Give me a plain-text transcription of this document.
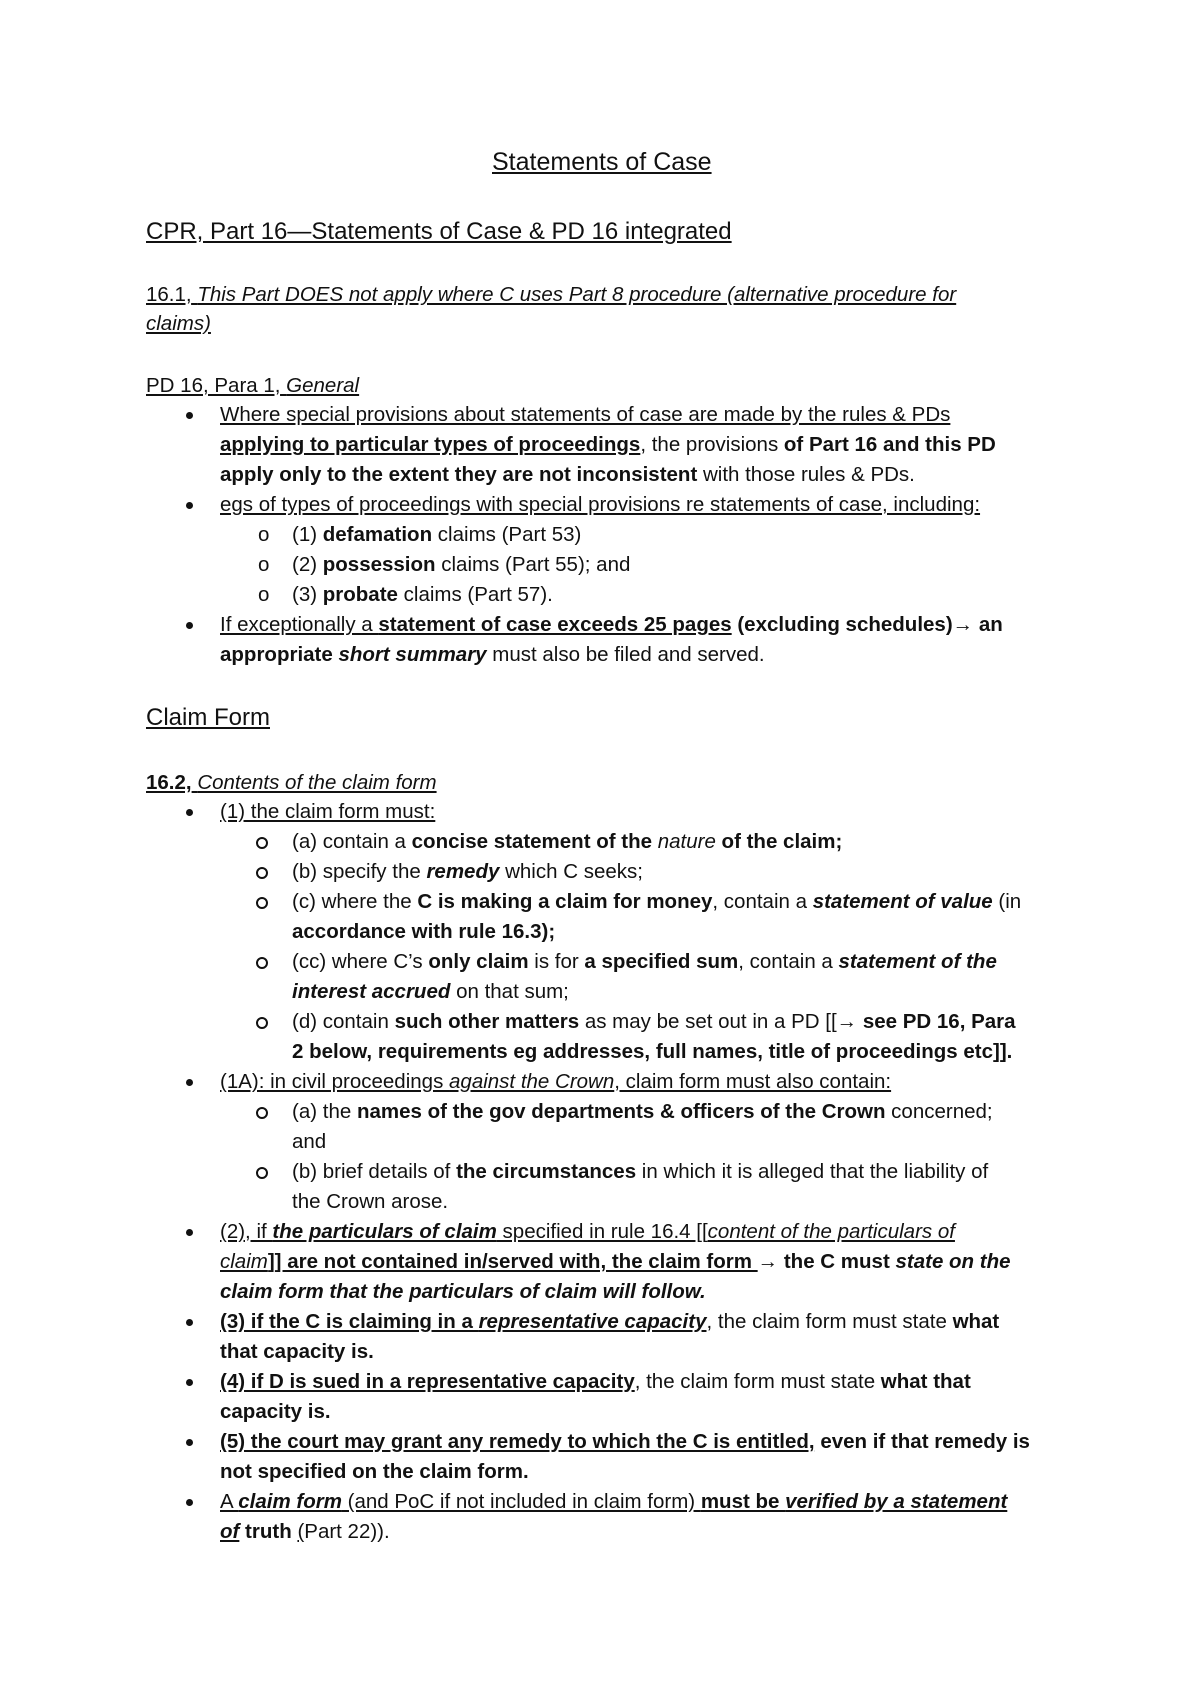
Statements of Case
CPR, Part 16—Statements of Case & PD 16 integrated
16.1, This Part DOES not apply where C uses Part 8 procedure (alternative procedure for
claims)
PD 16, Para 1, General
Where special provisions about statements of case are made by the rules & PDs
applying to particular types of proceedings, the provisions of Part 16 and this PD
apply only to the extent they are not inconsistent with those rules & PDs.
egs of types of proceedings with special provisions re statements of case, including:
o (1) defamation claims (Part 53)
o (2) possession claims (Part 55); and
o (3) probate claims (Part 57).
If exceptionally a statement of case exceeds 25 pages (excluding schedules)→ an
appropriate short summary must also be filed and served.
Claim Form
16.2, Contents of the claim form
(1) the claim form must:
(a) contain a concise statement of the nature of the claim;
(b) specify the remedy which C seeks;
(c) where the C is making a claim for money, contain a statement of value (in
accordance with rule 16.3);
(cc) where C’s only claim is for a specified sum, contain a statement of the
interest accrued on that sum;
(d) contain such other matters as may be set out in a PD [[→ see PD 16, Para
2 below, requirements eg addresses, full names, title of proceedings etc]].
(1A): in civil proceedings against the Crown, claim form must also contain:
(a) the names of the gov departments & officers of the Crown concerned;
and
(b) brief details of the circumstances in which it is alleged that the liability of
the Crown arose.
(2), if the particulars of claim specified in rule 16.4 [[content of the particulars of
claim]] are not contained in/served with, the claim form → the C must state on the
claim form that the particulars of claim will follow.
(3) if the C is claiming in a representative capacity, the claim form must state what
that capacity is.
(4) if D is sued in a representative capacity, the claim form must state what that
capacity is.
(5) the court may grant any remedy to which the C is entitled, even if that remedy is
not specified on the claim form.
A claim form (and PoC if not included in claim form) must be verified by a statement
of truth (Part 22)).
